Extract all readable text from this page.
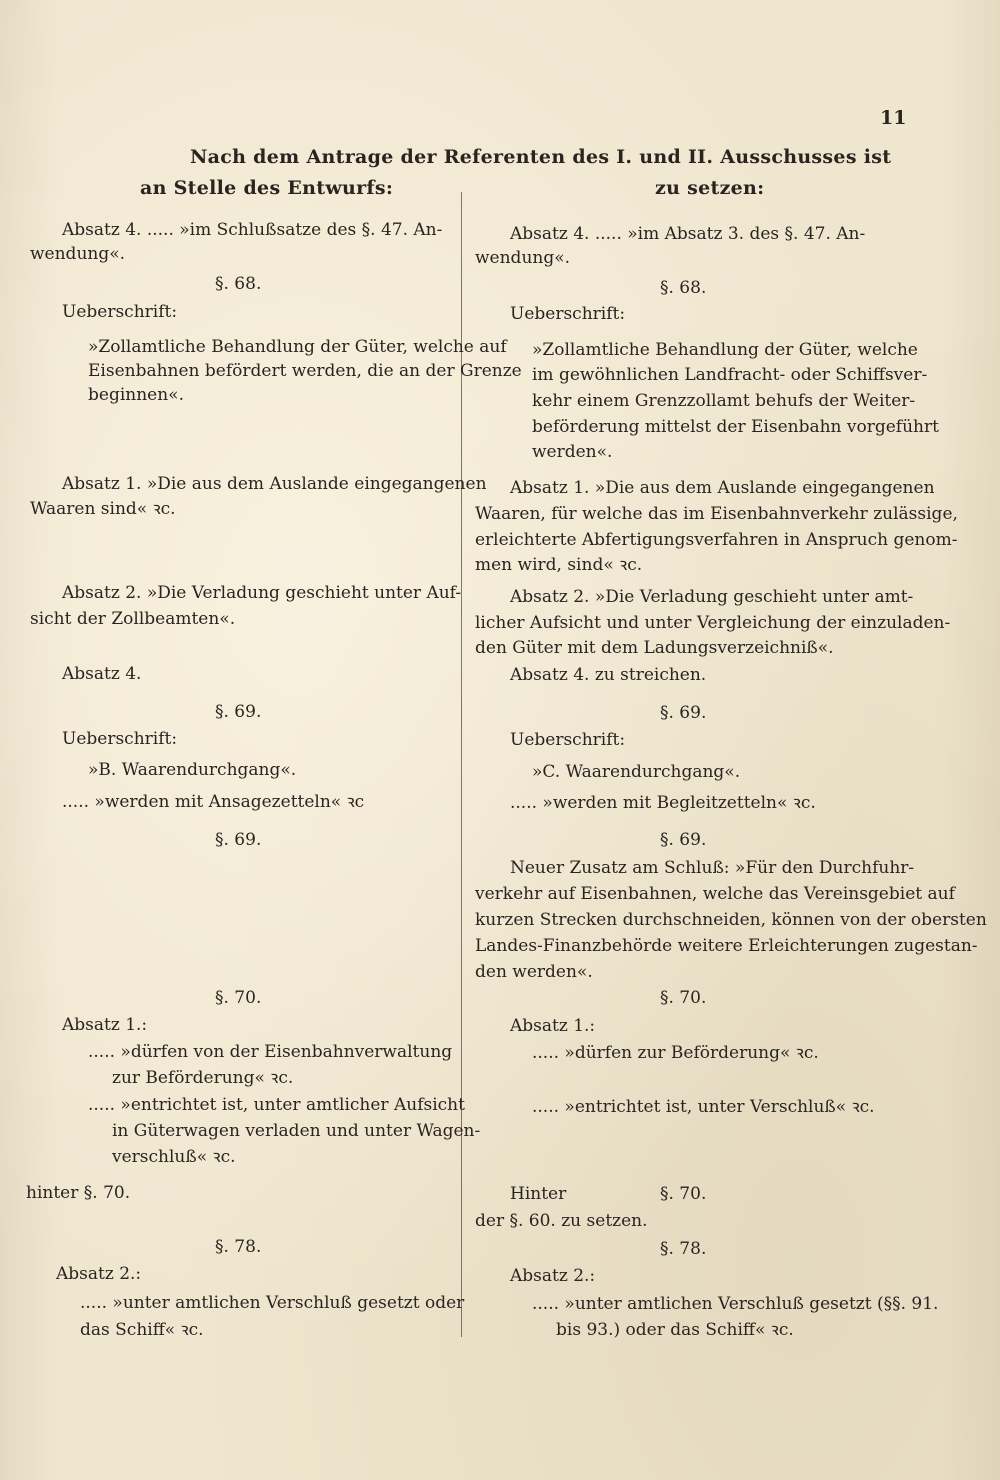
11
Nach dem Antrage der Referenten des I. und II. Ausschusses ist
an Stelle des Entwurfs:	zu setzen:
Absatz 4. ..... »im Schlußsatze des §. 47. An-
wendung«.
§. 68.
Ueberschrift:
»Zollamtliche Behandlung der Güter, welche auf
Eisenbahnen befördert werden, die an der Grenze
beginnen«.
Absatz 1. »Die aus dem Auslande eingegangenen
Waaren sind« ꝛc.
Absatz 2. »Die Verladung geschieht unter Auf-
sicht der Zollbeamten«.
Absatz 4.
§. 69.
Ueberschrift:
»B. Waarendurchgang«.
..... »werden mit Ansagezetteln« ꝛc
§. 69.
§. 70.
Absatz 1.:
..... »dürfen von der Eisenbahnverwaltung
zur Beförderung« ꝛc.
..... »entrichtet ist, unter amtlicher Aufsicht
in Güterwagen verladen und unter Wagen-
verschluß« ꝛc.
hinter §. 70.
§. 78.
Absatz 2.:
..... »unter amtlichen Verschluß gesetzt oder
das Schiff« ꝛc.
Absatz 4. ..... »im Absatz 3. des §. 47. An-
wendung«.
§. 68.
Ueberschrift:
»Zollamtliche Behandlung der Güter, welche
im gewöhnlichen Landfracht- oder Schiffsver-
kehr einem Grenzzollamt behufs der Weiter-
beförderung mittelst der Eisenbahn vorgeführt
werden«.
Absatz 1. »Die aus dem Auslande eingegangenen
Waaren, für welche das im Eisenbahnverkehr zulässige,
erleichterte Abfertigungsverfahren in Anspruch genom-
men wird, sind« ꝛc.
Absatz 2. »Die Verladung geschieht unter amt-
licher Aufsicht und unter Vergleichung der einzuladen-
den Güter mit dem Ladungsverzeichniß«.
Absatz 4. zu streichen.
§. 69.
Ueberschrift:
»C. Waarendurchgang«.
..... »werden mit Begleitzetteln« ꝛc.
§. 69.
Neuer Zusatz am Schluß: »Für den Durchfuhr-
verkehr auf Eisenbahnen, welche das Vereinsgebiet auf
kurzen Strecken durchschneiden, können von der obersten
Landes-Finanzbehörde weitere Erleichterungen zugestan-
den werden«.
§. 70.
Absatz 1.:
..... »dürfen zur Beförderung« ꝛc.
..... »entrichtet ist, unter Verschluß« ꝛc.
Hinter	§. 70.
der §. 60. zu setzen.
§. 78.
Absatz 2.:
..... »unter amtlichen Verschluß gesetzt (§§. 91.
bis 93.) oder das Schiff« ꝛc.
